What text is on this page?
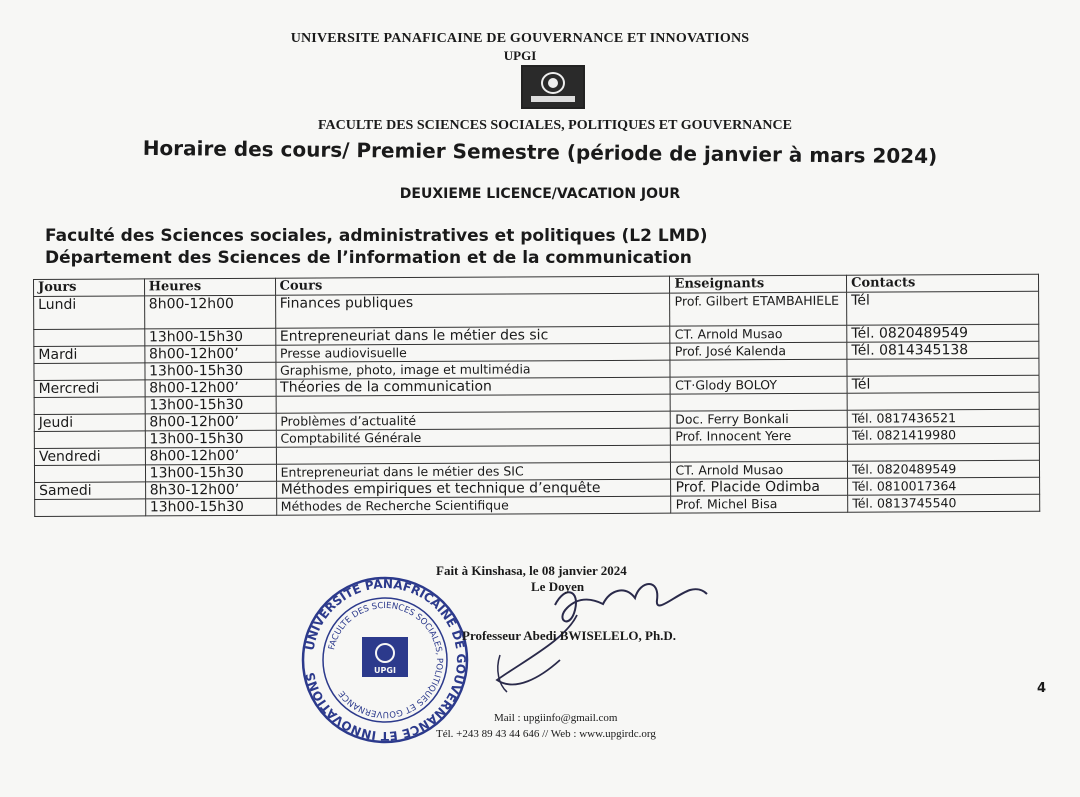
UNIVERSITE PANAFICAINE DE GOUVERNANCE ET INNOVATIONS
UPGI
FACULTE DES SCIENCES SOCIALES, POLITIQUES ET GOUVERNANCE
Horaire des cours/ Premier Semestre (période de janvier à mars 2024)
DEUXIEME LICENCE/VACATION JOUR
Faculté des Sciences sociales, administratives et politiques (L2 LMD)
Département des Sciences de l’information et de la communication
Jours	Heures	Cours	Enseignants	Contacts
Lundi	8h00-12h00	Finances publiques	Prof. Gilbert ETAMBAHIELE	Tél
	13h00-15h30	Entrepreneuriat dans le métier des sic	CT. Arnold Musao	Tél. 0820489549
Mardi	8h00-12h00’	Presse audiovisuelle	Prof. José Kalenda	Tél. 0814345138
	13h00-15h30	Graphisme, photo, image et multimédia		
Mercredi	8h00-12h00’	Théories de la communication	CT·Glody BOLOY	Tél
	13h00-15h30			
Jeudi	8h00-12h00’	Problèmes d’actualité	Doc. Ferry Bonkali	Tél. 0817436521
	13h00-15h30	Comptabilité Générale	Prof. Innocent Yere	Tél. 0821419980
Vendredi	8h00-12h00’			
	13h00-15h30	Entrepreneuriat dans le métier des SIC	CT. Arnold Musao	Tél. 0820489549
Samedi	8h30-12h00’	Méthodes empiriques et technique d’enquête	Prof. Placide Odimba	Tél. 0810017364
	13h00-15h30	Méthodes de Recherche Scientifique	Prof. Michel Bisa	Tél. 0813745540
UNIVERSITE PANAFRICAINE DE GOUVERNANCE ET INNOVATIONS
FACULTE DES SCIENCES SOCIALES, POLITIQUES ET GOUVERNANCE
UPGI
Fait à Kinshasa, le 08 janvier 2024
Le Doyen
Professeur Abedi BWISELELO, Ph.D.
Mail : upgiinfo@gmail.com
Tél. +243 89 43 44 646 // Web : www.upgirdc.org
4
